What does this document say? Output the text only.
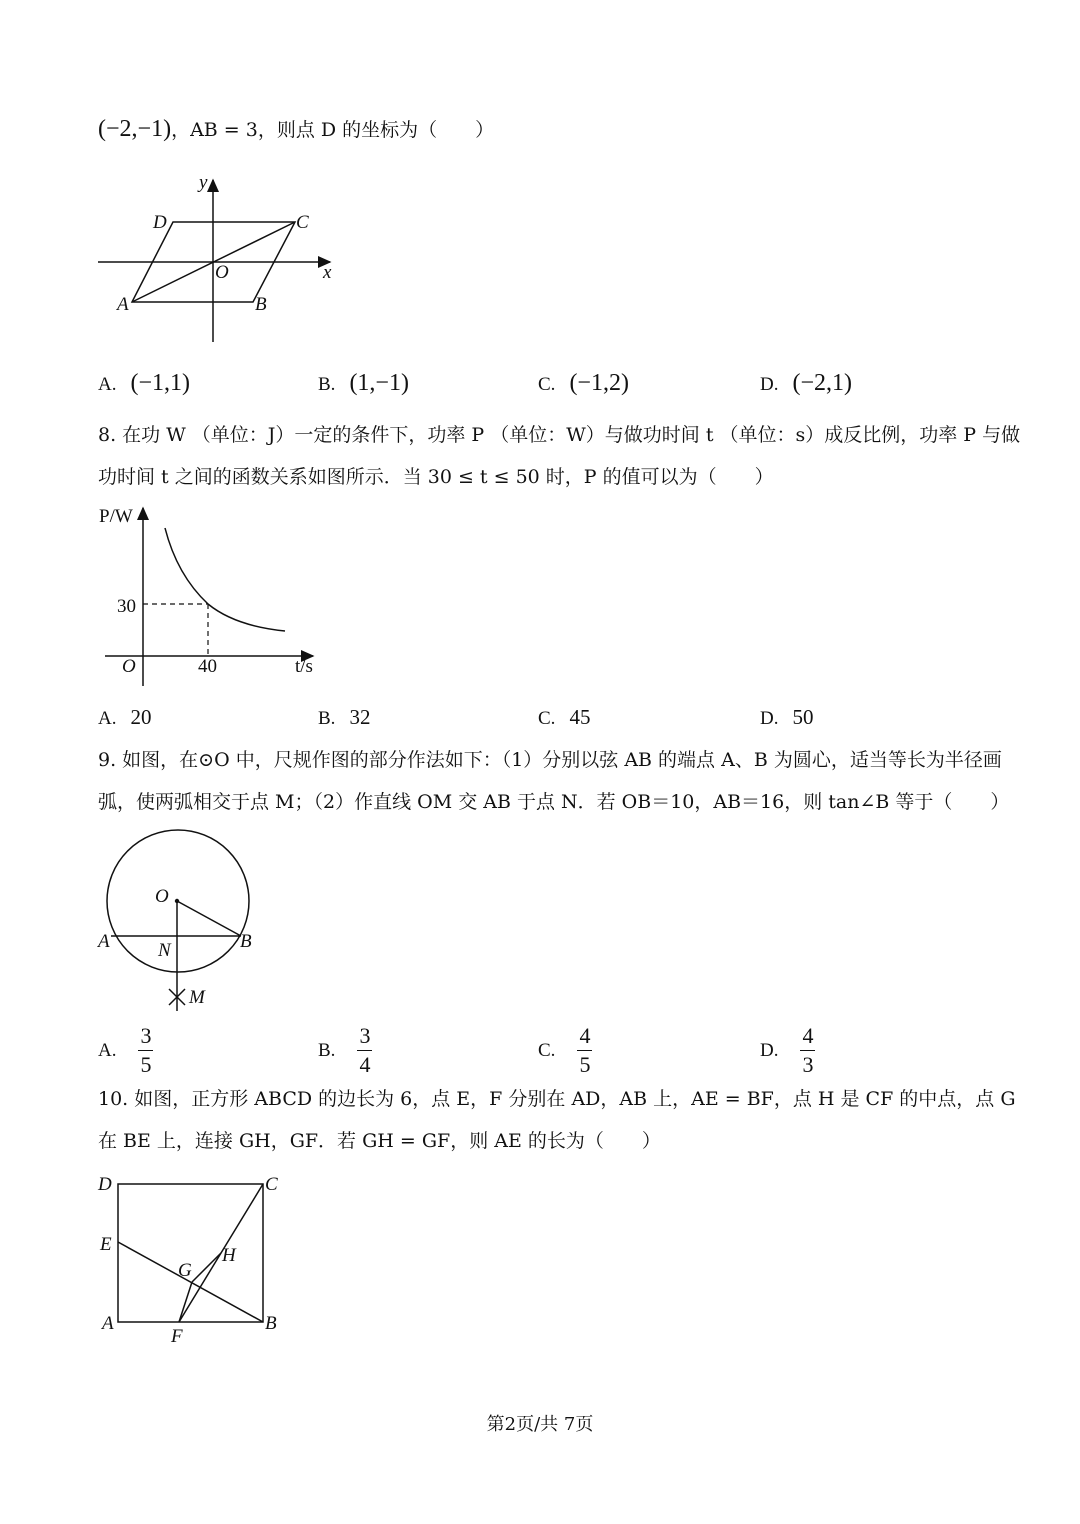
(−2,−1)，AB = 3，则点 D 的坐标为（　　）
y
x
O
A	B
C
D
A. (−1,1)	B. (1,−1)	C. (−1,2)	D. (−2,1)
8. 在功 W （单位：J）一定的条件下，功率 P （单位：W）与做功时间 t （单位：s）成反比例，功率 P 与做
功时间 t 之间的函数关系如图所示．当 30 ≤ t ≤ 50 时，P 的值可以为（　　）
P/W
t/s
O
30
40
A. 20	B. 32	C. 45	D. 50
9. 如图，在⊙O 中，尺规作图的部分作法如下：（1）分别以弦 AB 的端点 A、B 为圆心，适当等长为半径画
弧，使两弧相交于点 M；（2）作直线 OM 交 AB 于点 N．若 OB＝10，AB＝16，则 tan∠B 等于（　　）
O
A	B
N
M
A. $\frac{3}{5}$	B. $\frac{3}{4}$	C. $\frac{4}{5}$	D. $\frac{4}{3}$
10. 如图，正方形 ABCD 的边长为 6，点 E，F 分别在 AD，AB 上，AE = BF，点 H 是 CF 的中点，点 G
在 BE 上，连接 GH，GF．若 GH = GF，则 AE 的长为（　　）
D	C
E
A	B
F
G
H
第2页/共 7页
